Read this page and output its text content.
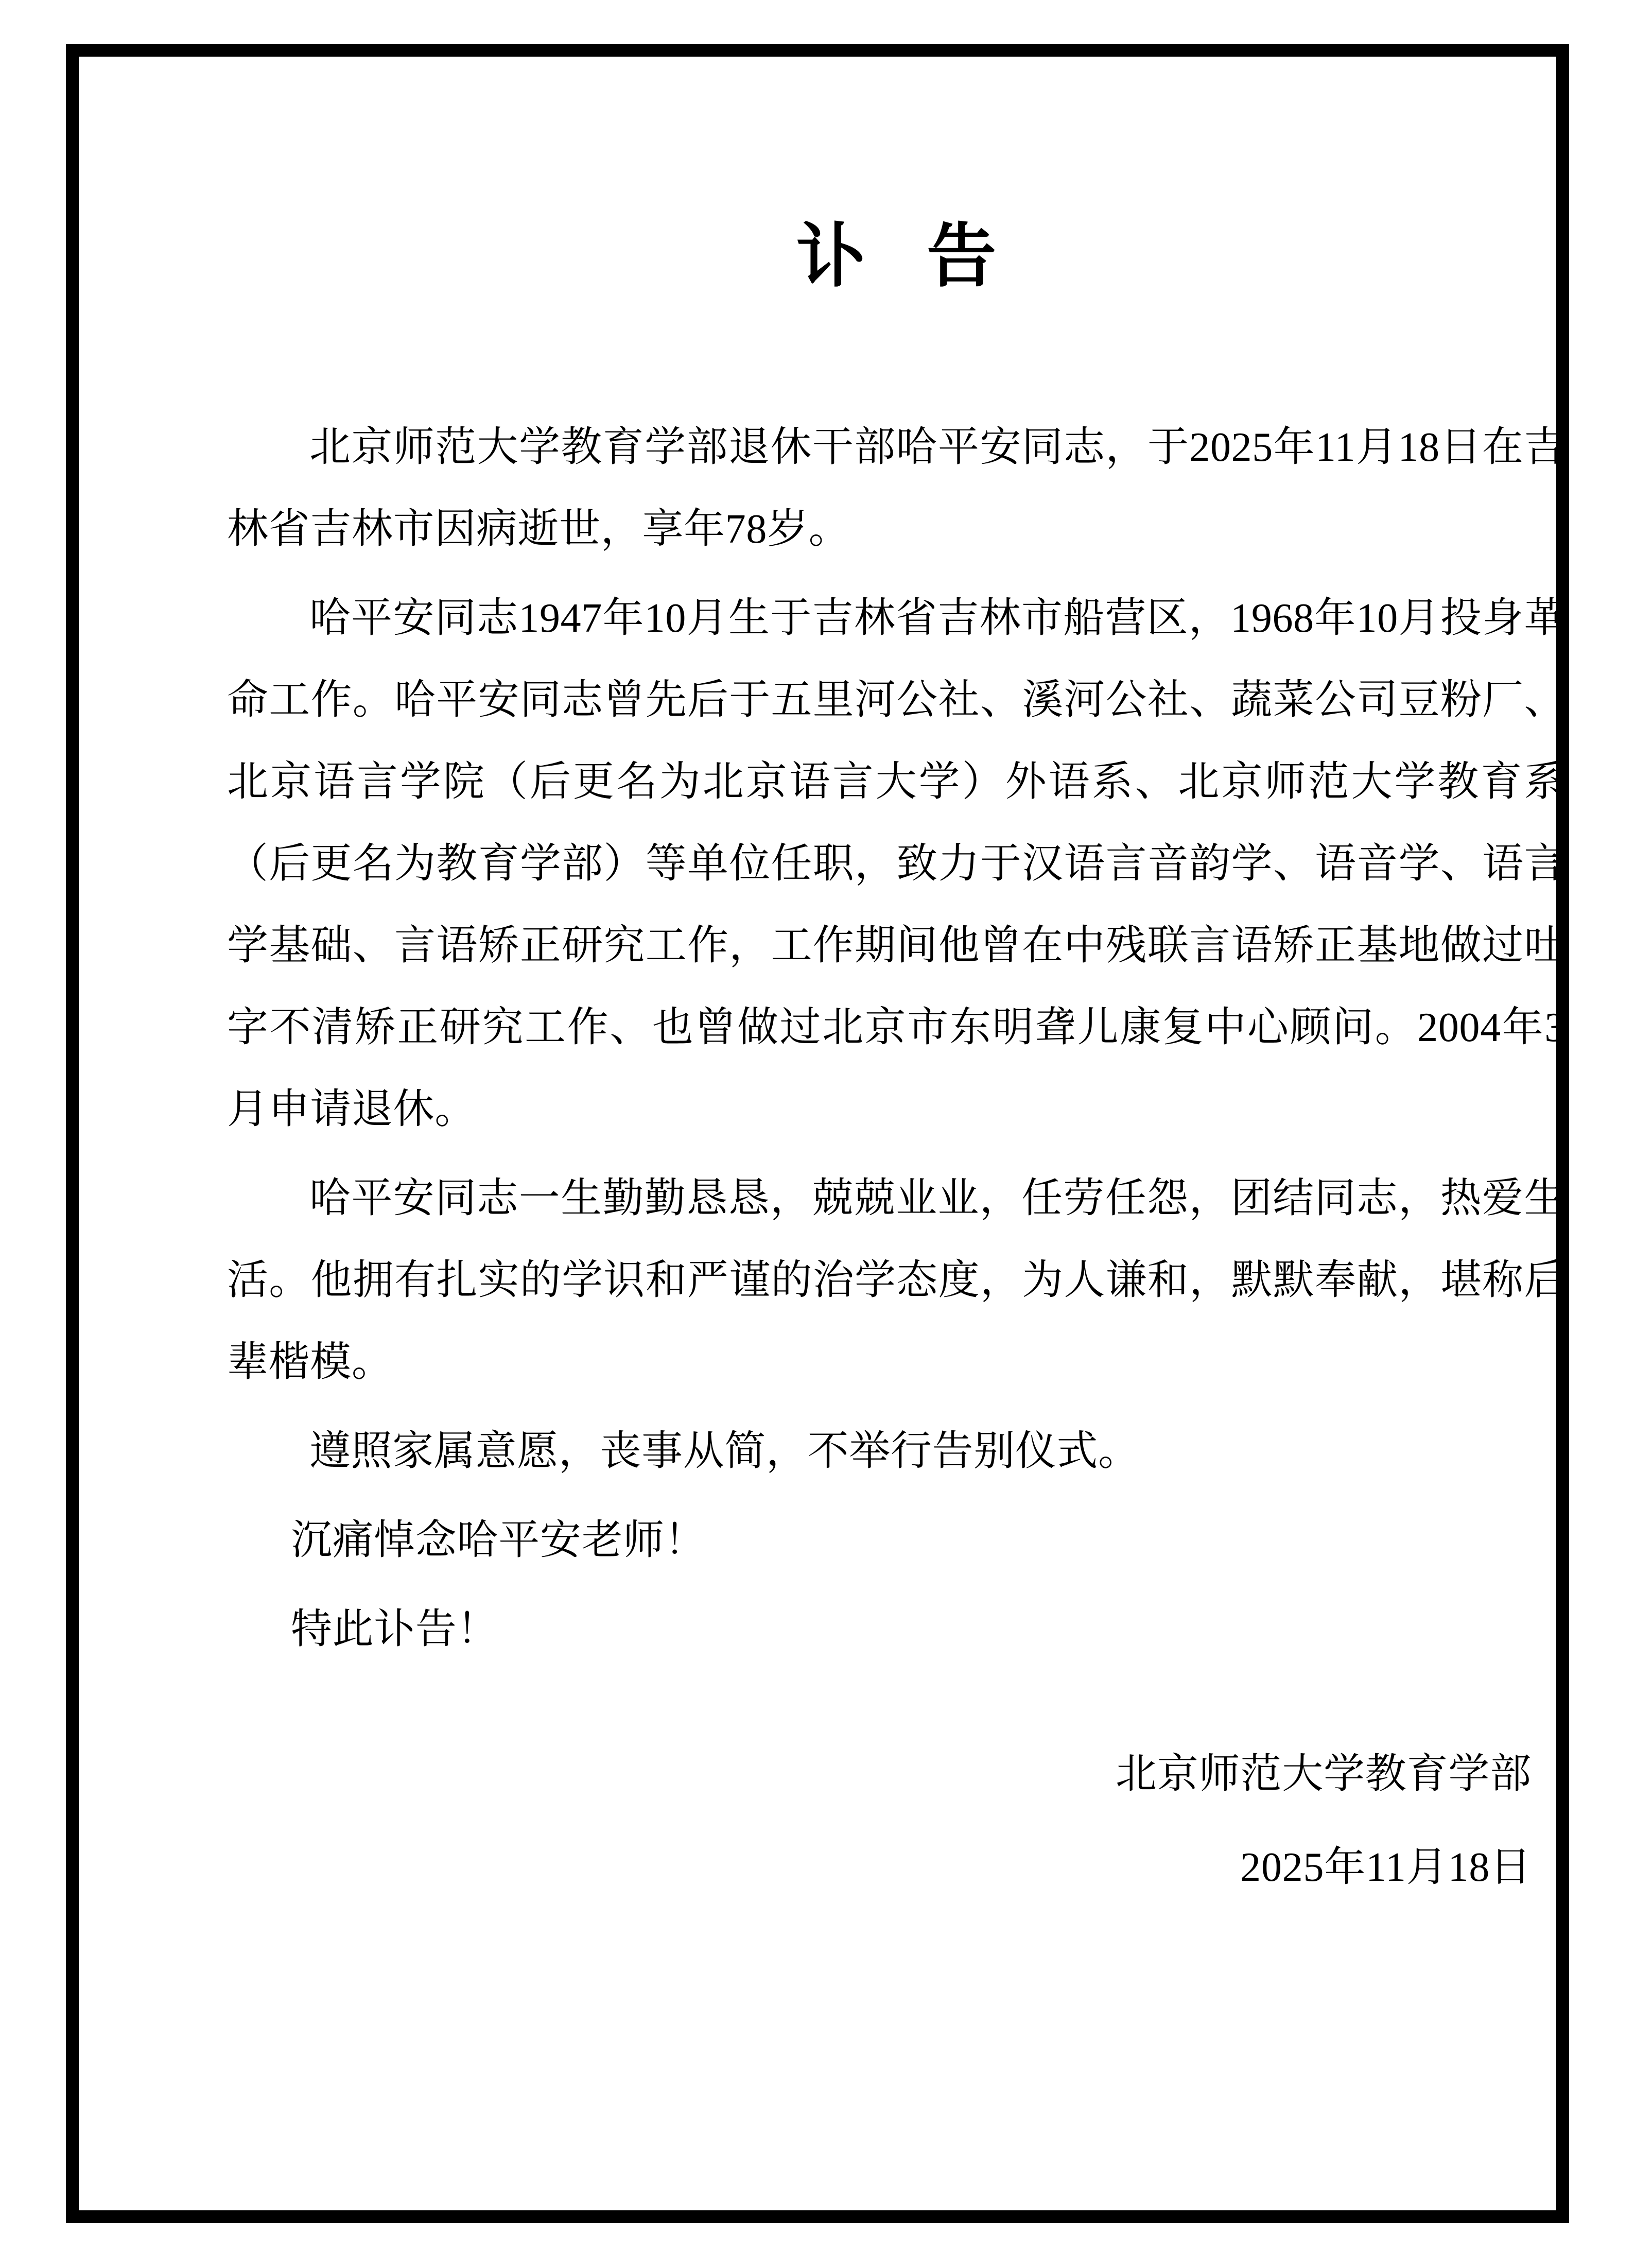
讣 告

北京师范大学教育学部退休干部哈平安同志，于2025年11月18日在吉林省吉林市因病逝世，享年78岁。

哈平安同志1947年10月生于吉林省吉林市船营区，1968年10月投身革命工作。哈平安同志曾先后于五里河公社、溪河公社、蔬菜公司豆粉厂、北京语言学院（后更名为北京语言大学）外语系、北京师范大学教育系（后更名为教育学部）等单位任职，致力于汉语言音韵学、语音学、语言学基础、言语矫正研究工作，工作期间他曾在中残联言语矫正基地做过吐字不清矫正研究工作、也曾做过北京市东明聋儿康复中心顾问。2004年3月申请退休。

哈平安同志一生勤勤恳恳，兢兢业业，任劳任怨，团结同志，热爱生活。他拥有扎实的学识和严谨的治学态度，为人谦和，默默奉献，堪称后辈楷模。

遵照家属意愿，丧事从简，不举行告别仪式。

沉痛悼念哈平安老师！

特此讣告！

北京师范大学教育学部
2025年11月18日
